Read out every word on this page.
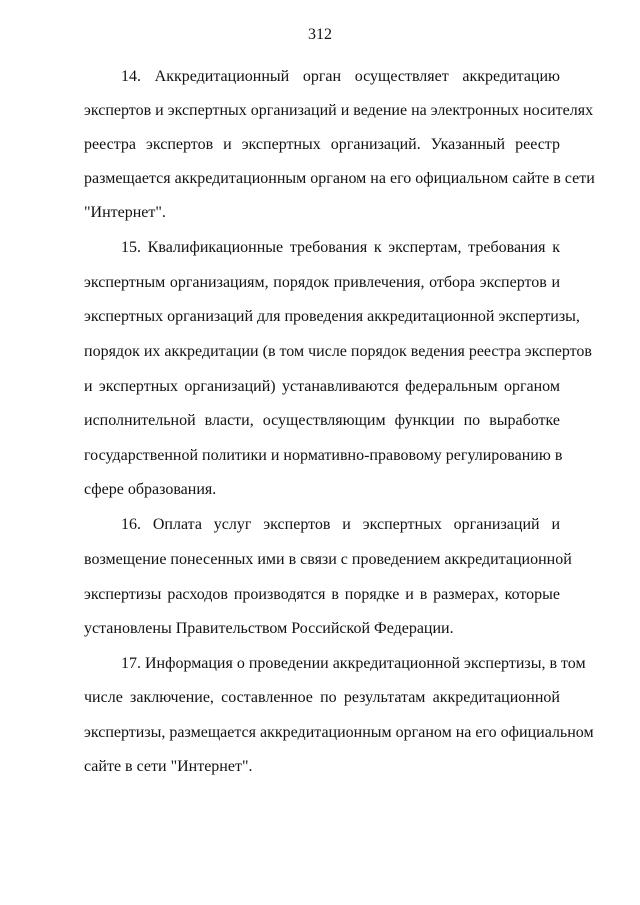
312
14. Аккредитационный орган осуществляет аккредитацию
экспертов и экспертных организаций и ведение на электронных носителях
реестра экспертов и экспертных организаций. Указанный реестр
размещается аккредитационным органом на его официальном сайте в сети
"Интернет".
15. Квалификационные требования к экспертам, требования к
экспертным организациям, порядок привлечения, отбора экспертов и
экспертных организаций для проведения аккредитационной экспертизы,
порядок их аккредитации (в том числе порядок ведения реестра экспертов
и экспертных организаций) устанавливаются федеральным органом
исполнительной власти, осуществляющим функции по выработке
государственной политики и нормативно-правовому регулированию в
сфере образования.
16. Оплата услуг экспертов и экспертных организаций и
возмещение понесенных ими в связи с проведением аккредитационной
экспертизы расходов производятся в порядке и в размерах, которые
установлены Правительством Российской Федерации.
17. Информация о проведении аккредитационной экспертизы, в том
числе заключение, составленное по результатам аккредитационной
экспертизы, размещается аккредитационным органом на его официальном
сайте в сети "Интернет".
